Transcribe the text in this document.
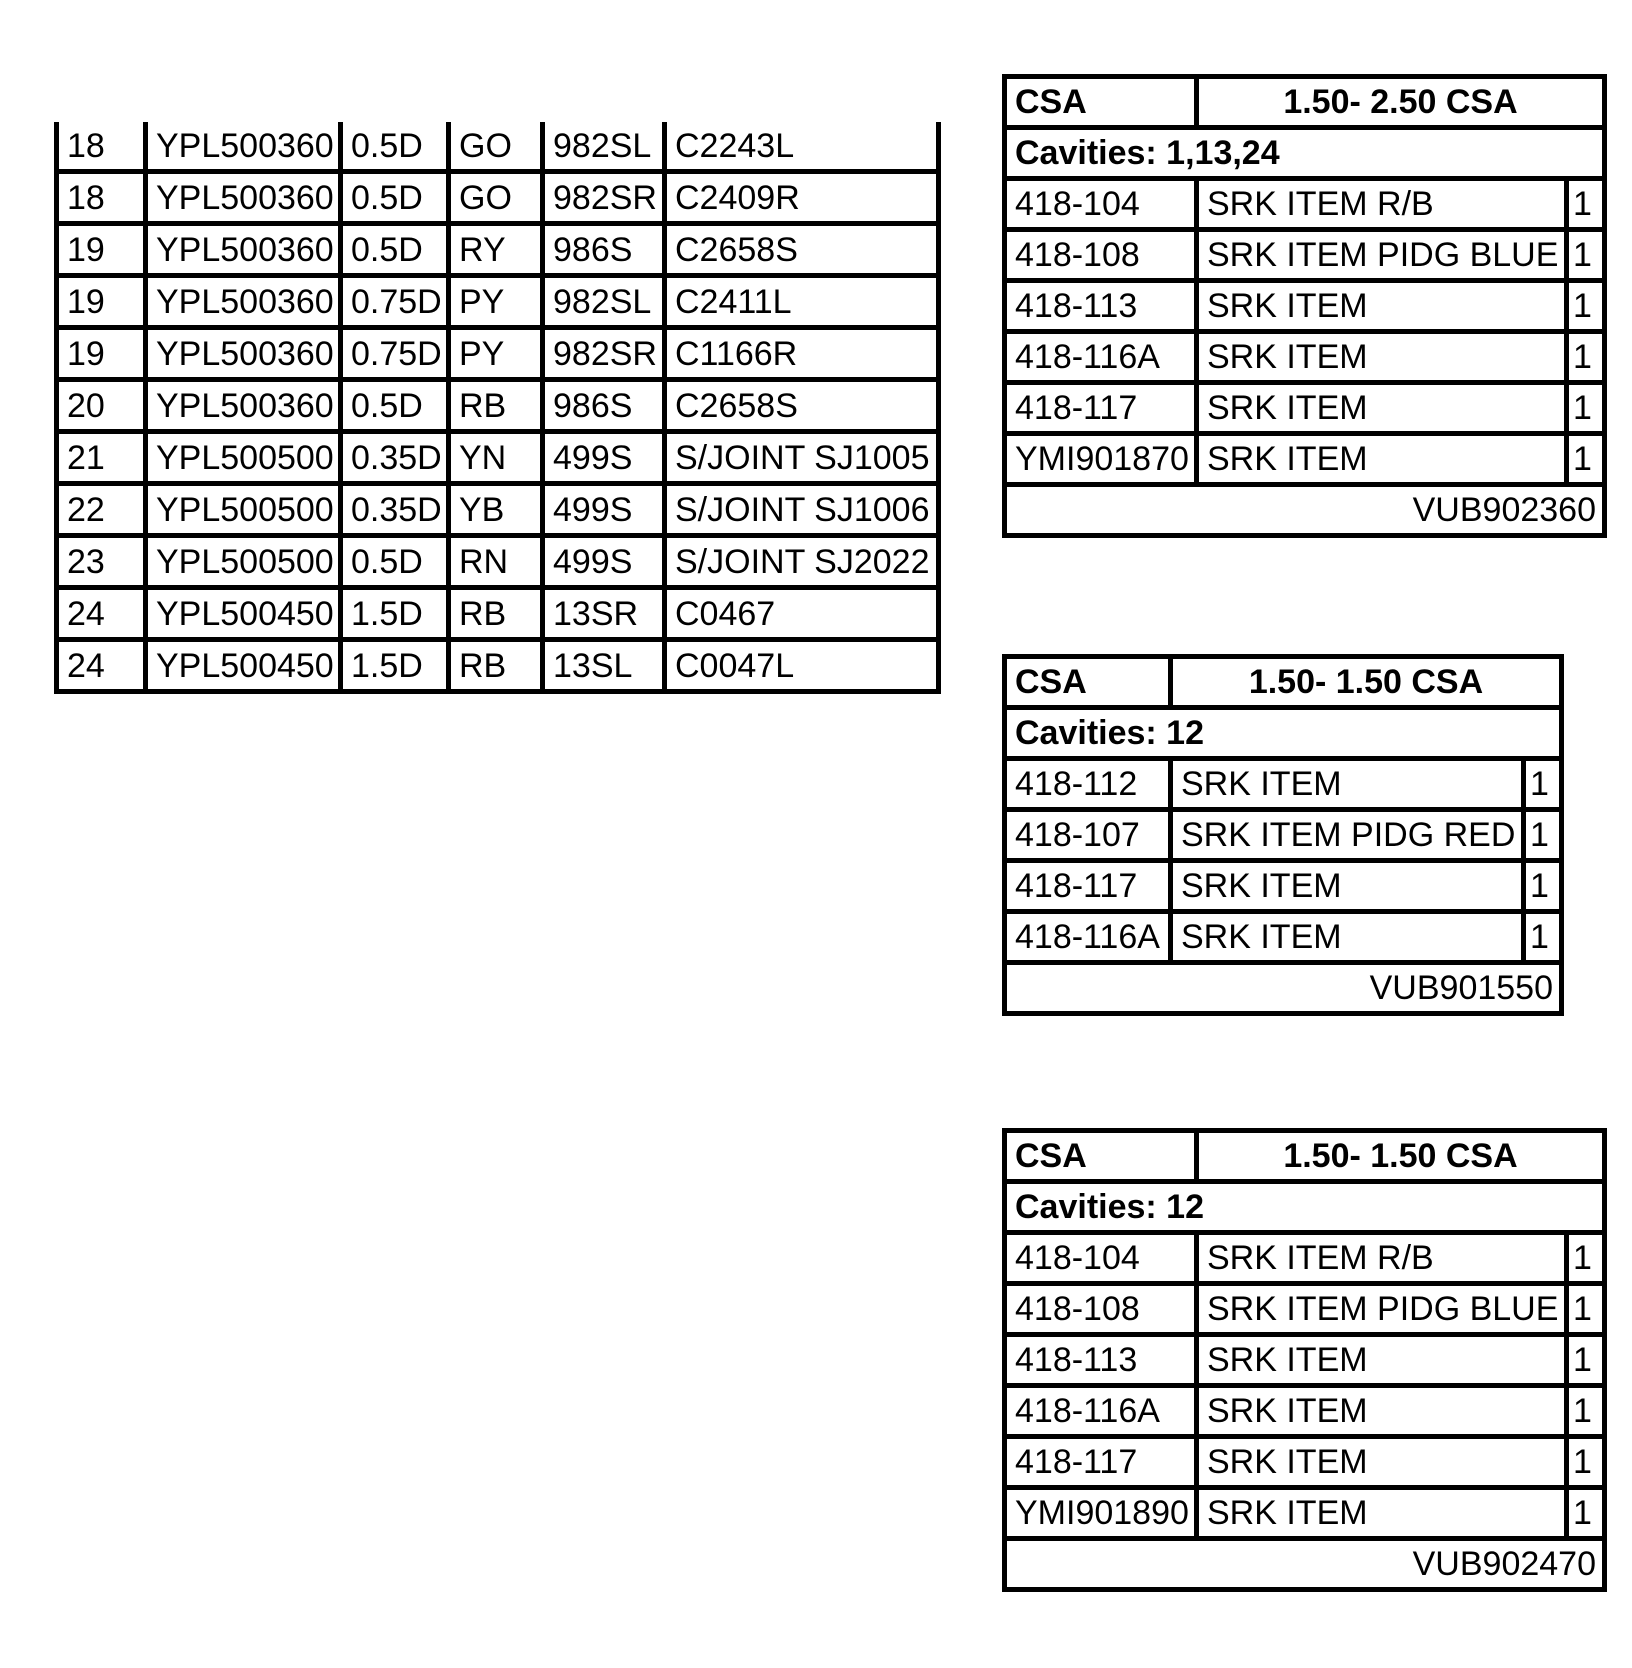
18	YPL500360	0.5D	GO	982SL	C2243L
18	YPL500360	0.5D	GO	982SR	C2409R
19	YPL500360	0.5D	RY	986S	C2658S
19	YPL500360	0.75D	PY	982SL	C2411L
19	YPL500360	0.75D	PY	982SR	C1166R
20	YPL500360	0.5D	RB	986S	C2658S
21	YPL500500	0.35D	YN	499S	S/JOINT SJ1005
22	YPL500500	0.35D	YB	499S	S/JOINT SJ1006
23	YPL500500	0.5D	RN	499S	S/JOINT SJ2022
24	YPL500450	1.5D	RB	13SR	C0467
24	YPL500450	1.5D	RB	13SL	C0047L
CSA	1.50- 2.50 CSA	
Cavities: 1,13,24		
418-104	SRK ITEM R/B	1
418-108	SRK ITEM PIDG BLUE	1
418-113	SRK ITEM	1
418-116A	SRK ITEM	1
418-117	SRK ITEM	1
YMI901870	SRK ITEM	1
VUB902360		
CSA	1.50- 1.50 CSA	
Cavities: 12		
418-112	SRK ITEM	1
418-107	SRK ITEM PIDG RED	1
418-117	SRK ITEM	1
418-116A	SRK ITEM	1
VUB901550		
CSA	1.50- 1.50 CSA	
Cavities: 12		
418-104	SRK ITEM R/B	1
418-108	SRK ITEM PIDG BLUE	1
418-113	SRK ITEM	1
418-116A	SRK ITEM	1
418-117	SRK ITEM	1
YMI901890	SRK ITEM	1
VUB902470		
